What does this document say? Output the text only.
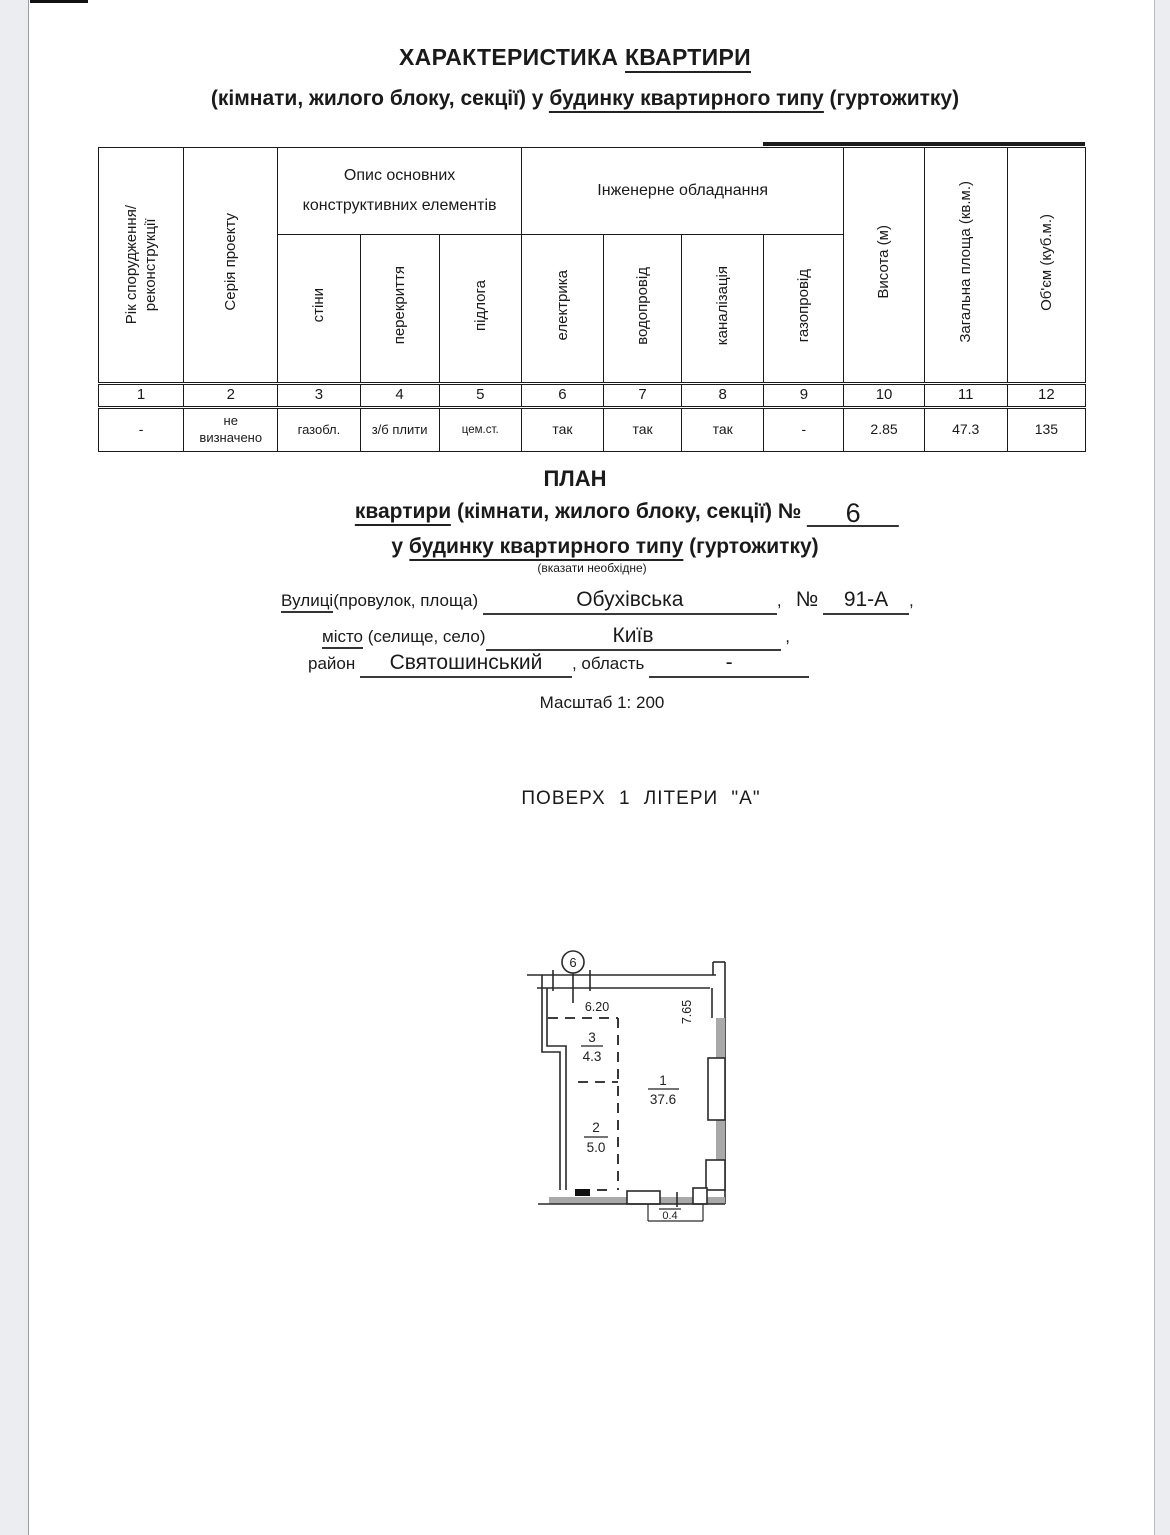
ХАРАКТЕРИСТИКА КВАРТИРИ
(кімнати, жилого блоку, секції) у будинку квартирного типу (гуртожитку)
Рік спорудження/ реконструкції	Серія проекту	Опис основних конструктивних елементів			Інженерне обладнання				Висота (м)	Загальна площа (кв.м.)	Об'єм (куб.м.)
		стіни	перекриття	підлога	електрика	водопровід	каналізація	газопровід			
1	2	3	4	5	6	7	8	9	10	11	12
-	не визначено	газобл.	з/б плити	цем.ст.	так	так	так	-	2.85	47.3	135
ПЛАН
квартири (кімнати, жилого блоку, секції) № 6
у будинку квартирного типу (гуртожитку)
(вказати необхідне)
Вулиці(провулок, площа)	Обухівська	, № 91-А ,
місто (селище, село)	Київ	,
район Святошинський , область	-
Масштаб 1: 200
ПОВЕРХ 1 ЛІТЕРИ "А"
6
6.20	7.65
0.4
3
4.3
1
37.6
2
5.0
